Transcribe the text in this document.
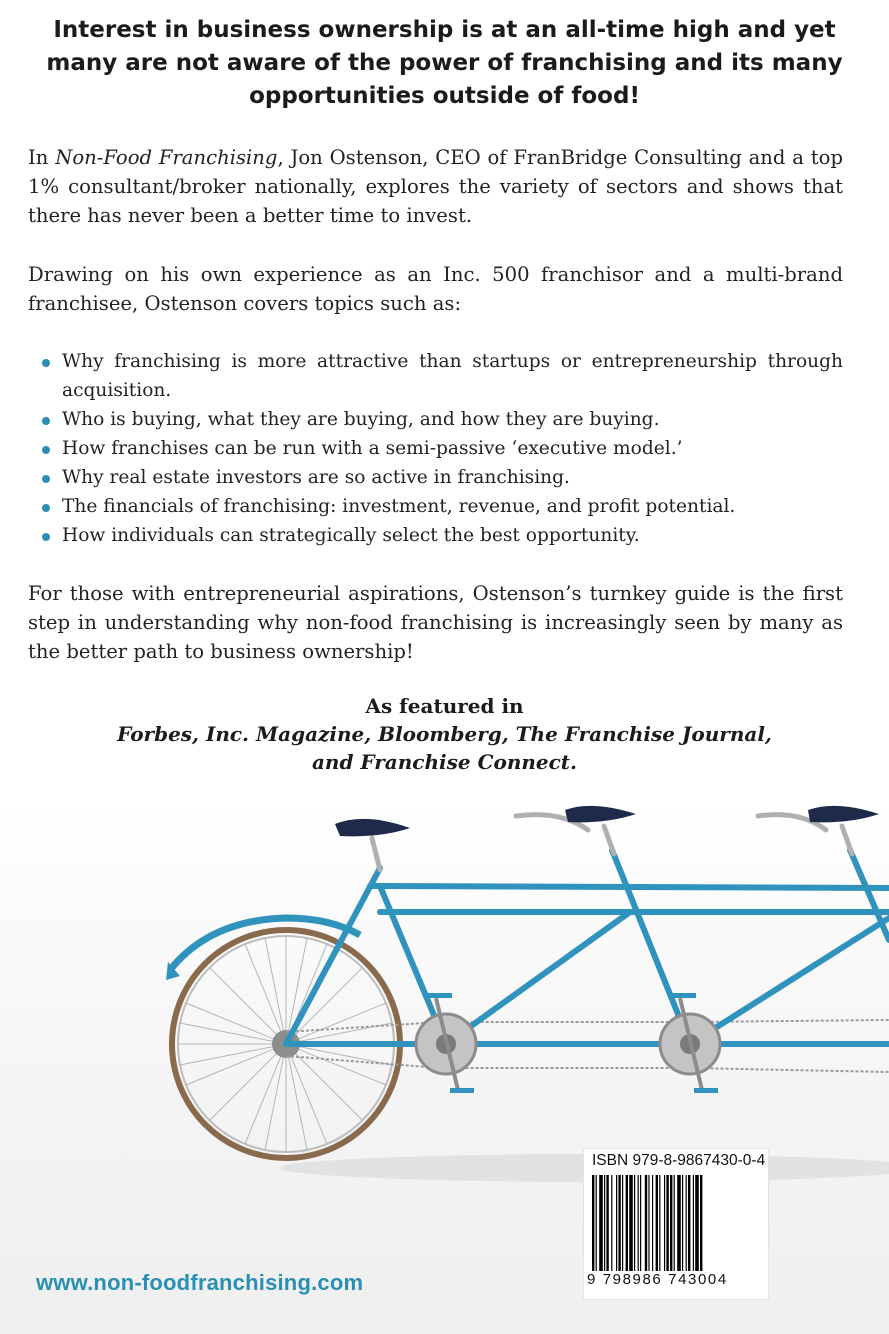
Interest in business ownership is at an all-time high and yet many are not aware of the power of franchising and its many opportunities outside of food!
In Non-Food Franchising, Jon Ostenson, CEO of FranBridge Consulting and a top 1% consultant/broker nationally, explores the variety of sectors and shows that there has never been a better time to invest.
Drawing on his own experience as an Inc. 500 franchisor and a multi-brand franchisee, Ostenson covers topics such as:
Why franchising is more attractive than startups or entrepreneurship through acquisition.
Who is buying, what they are buying, and how they are buying.
How franchises can be run with a semi-passive ‘executive model.’
Why real estate investors are so active in franchising.
The financials of franchising: investment, revenue, and profit potential.
How individuals can strategically select the best opportunity.
For those with entrepreneurial aspirations, Ostenson’s turnkey guide is the first step in understanding why non-food franchising is increasingly seen by many as the better path to business ownership!
As featured in
Forbes, Inc. Magazine, Bloomberg, The Franchise Journal,
and Franchise Connect.
ISBN 979-8-9867430-0-4
9 798986 743004
www.non-foodfranchising.com
